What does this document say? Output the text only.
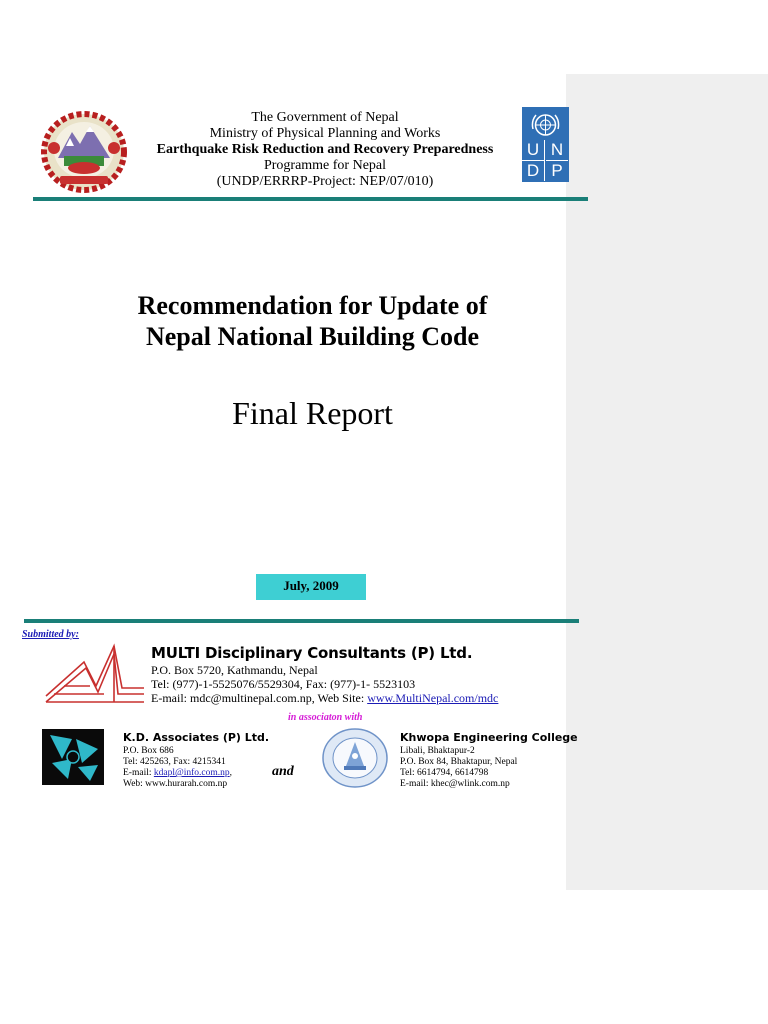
The Government of Nepal
Ministry of Physical Planning and Works
Earthquake Risk Reduction and Recovery Preparedness
Programme for Nepal
(UNDP/ERRRP-Project: NEP/07/010)
U N
D P
Recommendation for Update of
Nepal National Building Code
Final Report
July, 2009
Submitted by:
MULTI Disciplinary Consultants (P) Ltd.
P.O. Box 5720, Kathmandu, Nepal
Tel: (977)-1-5525076/5529304, Fax: (977)-1- 5523103
E-mail: mdc@multinepal.com.np, Web Site: www.MultiNepal.com/mdc
in associaton with
K.D. Associates (P) Ltd.
P.O. Box 686
Tel: 425263, Fax: 4215341
E-mail: kdapl@info.com.np,
Web: www.hurarah.com.np
and
Khwopa Engineering College
Libali, Bhaktapur-2
P.O. Box 84, Bhaktapur, Nepal
Tel: 6614794, 6614798
E-mail: khec@wlink.com.np
